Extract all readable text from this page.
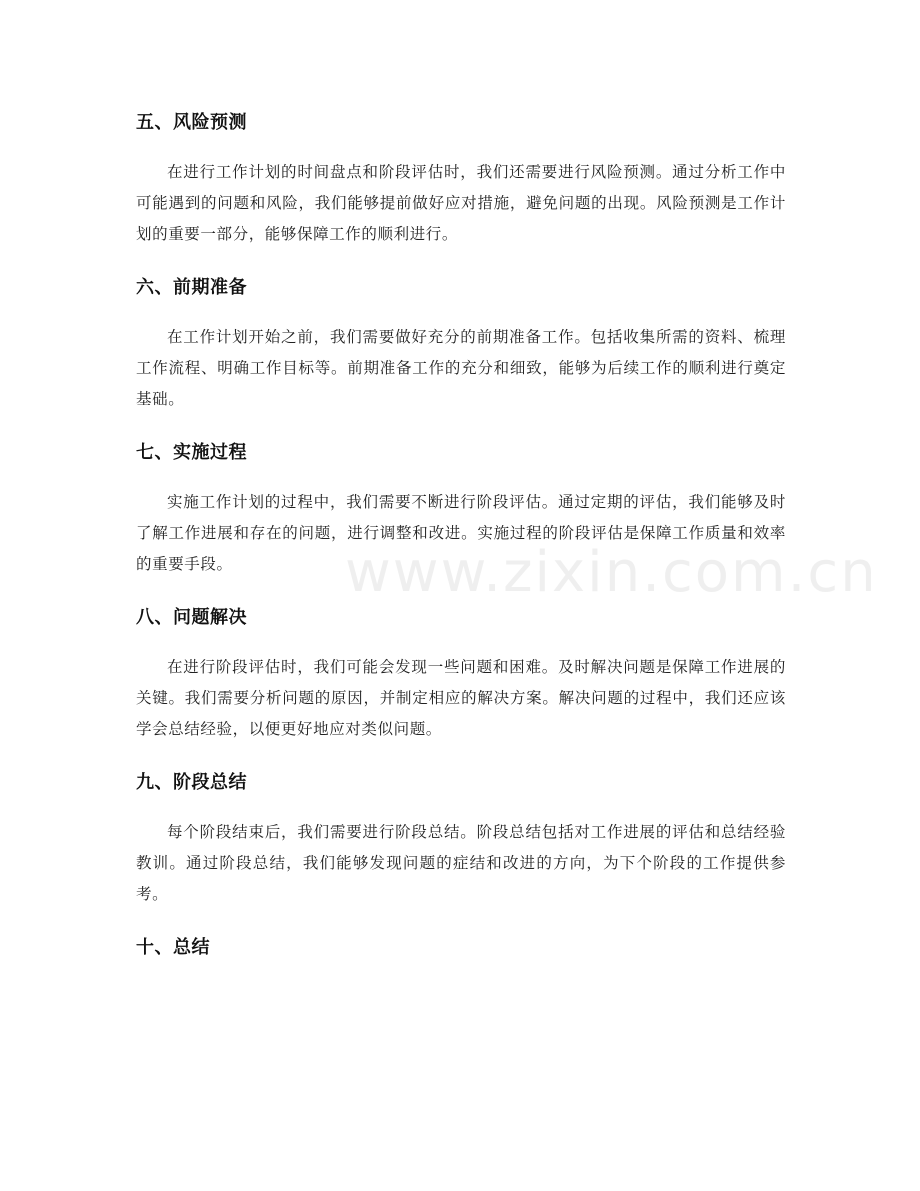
www.zixin.com.cn
五、风险预测

在进行工作计划的时间盘点和阶段评估时，我们还需要进行风险预测。通过分析工作中可能遇到的问题和风险，我们能够提前做好应对措施，避免问题的出现。风险预测是工作计划的重要一部分，能够保障工作的顺利进行。

六、前期准备

在工作计划开始之前，我们需要做好充分的前期准备工作。包括收集所需的资料、梳理工作流程、明确工作目标等。前期准备工作的充分和细致，能够为后续工作的顺利进行奠定基础。

七、实施过程

实施工作计划的过程中，我们需要不断进行阶段评估。通过定期的评估，我们能够及时了解工作进展和存在的问题，进行调整和改进。实施过程的阶段评估是保障工作质量和效率的重要手段。

八、问题解决

在进行阶段评估时，我们可能会发现一些问题和困难。及时解决问题是保障工作进展的关键。我们需要分析问题的原因，并制定相应的解决方案。解决问题的过程中，我们还应该学会总结经验，以便更好地应对类似问题。

九、阶段总结

每个阶段结束后，我们需要进行阶段总结。阶段总结包括对工作进展的评估和总结经验教训。通过阶段总结，我们能够发现问题的症结和改进的方向，为下个阶段的工作提供参考。

十、总结
